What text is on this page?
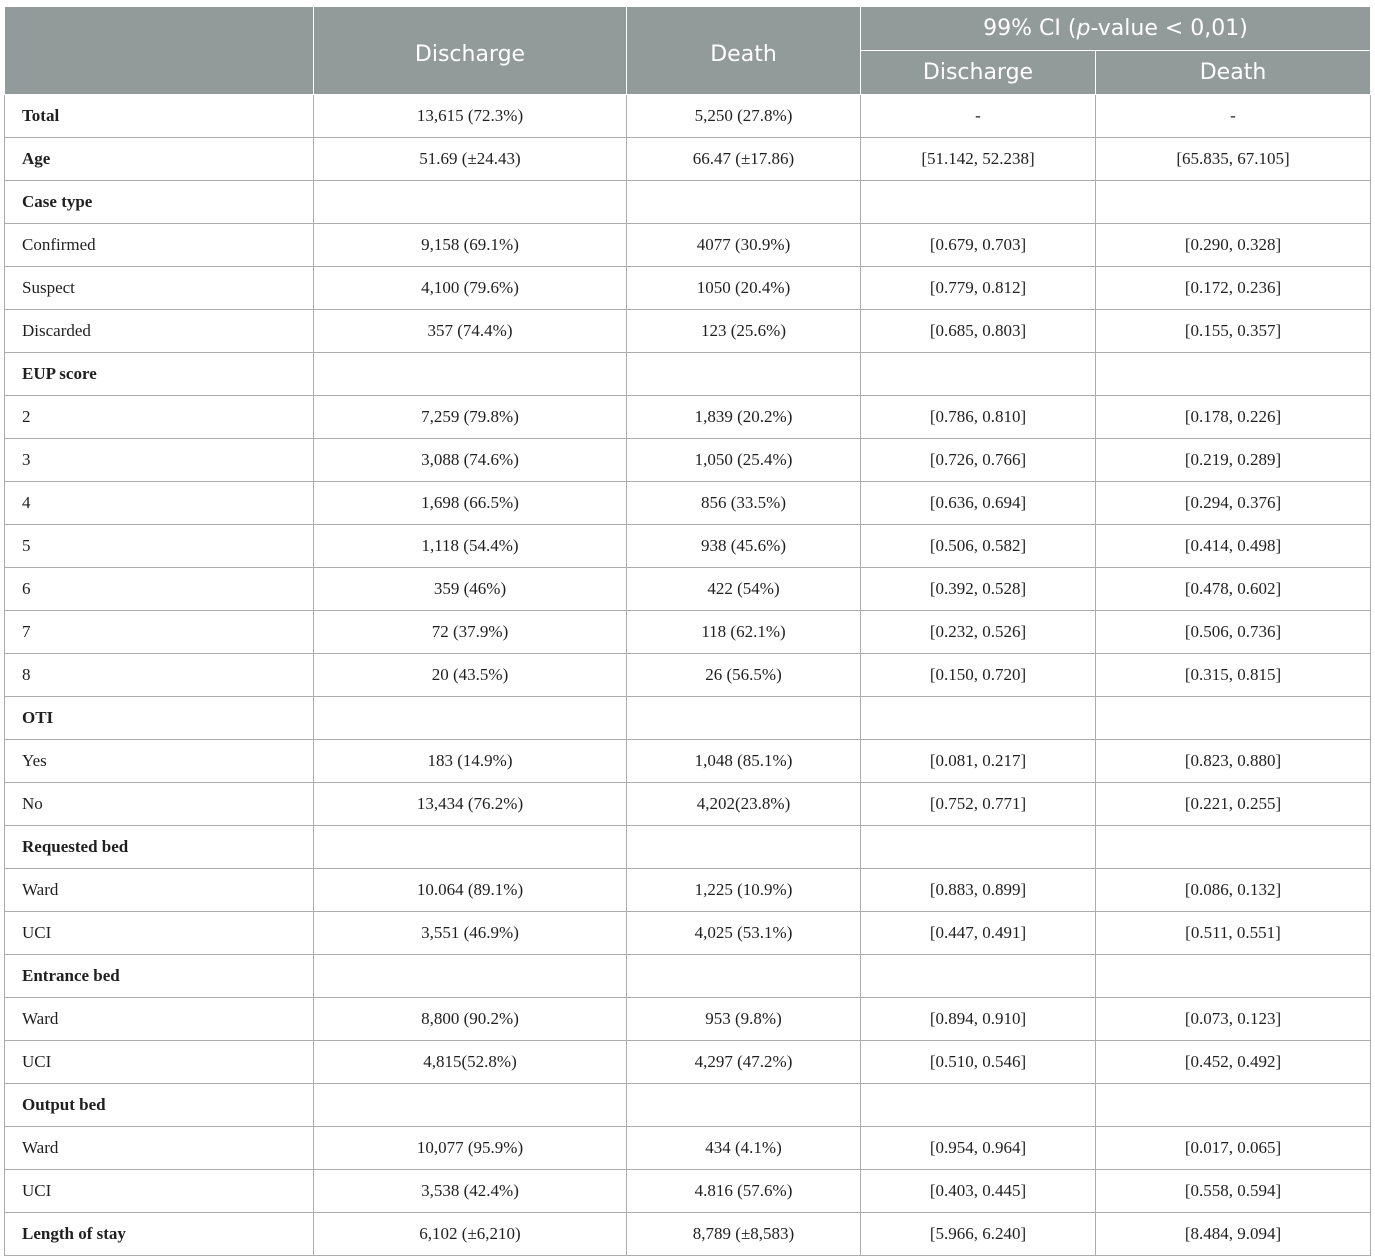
	Discharge	Death	99% CI (p-value < 0,01)	
			Discharge	Death
Total	13,615 (72.3%)	5,250 (27.8%)	-	-
Age	51.69 (±24.43)	66.47 (±17.86)	[51.142, 52.238]	[65.835, 67.105]
Case type				
Confirmed	9,158 (69.1%)	4077 (30.9%)	[0.679, 0.703]	[0.290, 0.328]
Suspect	4,100 (79.6%)	1050 (20.4%)	[0.779, 0.812]	[0.172, 0.236]
Discarded	357 (74.4%)	123 (25.6%)	[0.685, 0.803]	[0.155, 0.357]
EUP score				
2	7,259 (79.8%)	1,839 (20.2%)	[0.786, 0.810]	[0.178, 0.226]
3	3,088 (74.6%)	1,050 (25.4%)	[0.726, 0.766]	[0.219, 0.289]
4	1,698 (66.5%)	856 (33.5%)	[0.636, 0.694]	[0.294, 0.376]
5	1,118 (54.4%)	938 (45.6%)	[0.506, 0.582]	[0.414, 0.498]
6	359 (46%)	422 (54%)	[0.392, 0.528]	[0.478, 0.602]
7	72 (37.9%)	118 (62.1%)	[0.232, 0.526]	[0.506, 0.736]
8	20 (43.5%)	26 (56.5%)	[0.150, 0.720]	[0.315, 0.815]
OTI				
Yes	183 (14.9%)	1,048 (85.1%)	[0.081, 0.217]	[0.823, 0.880]
No	13,434 (76.2%)	4,202(23.8%)	[0.752, 0.771]	[0.221, 0.255]
Requested bed				
Ward	10.064 (89.1%)	1,225 (10.9%)	[0.883, 0.899]	[0.086, 0.132]
UCI	3,551 (46.9%)	4,025 (53.1%)	[0.447, 0.491]	[0.511, 0.551]
Entrance bed				
Ward	8,800 (90.2%)	953 (9.8%)	[0.894, 0.910]	[0.073, 0.123]
UCI	4,815(52.8%)	4,297 (47.2%)	[0.510, 0.546]	[0.452, 0.492]
Output bed				
Ward	10,077 (95.9%)	434 (4.1%)	[0.954, 0.964]	[0.017, 0.065]
UCI	3,538 (42.4%)	4.816 (57.6%)	[0.403, 0.445]	[0.558, 0.594]
Length of stay	6,102 (±6,210)	8,789 (±8,583)	[5.966, 6.240]	[8.484, 9.094]
